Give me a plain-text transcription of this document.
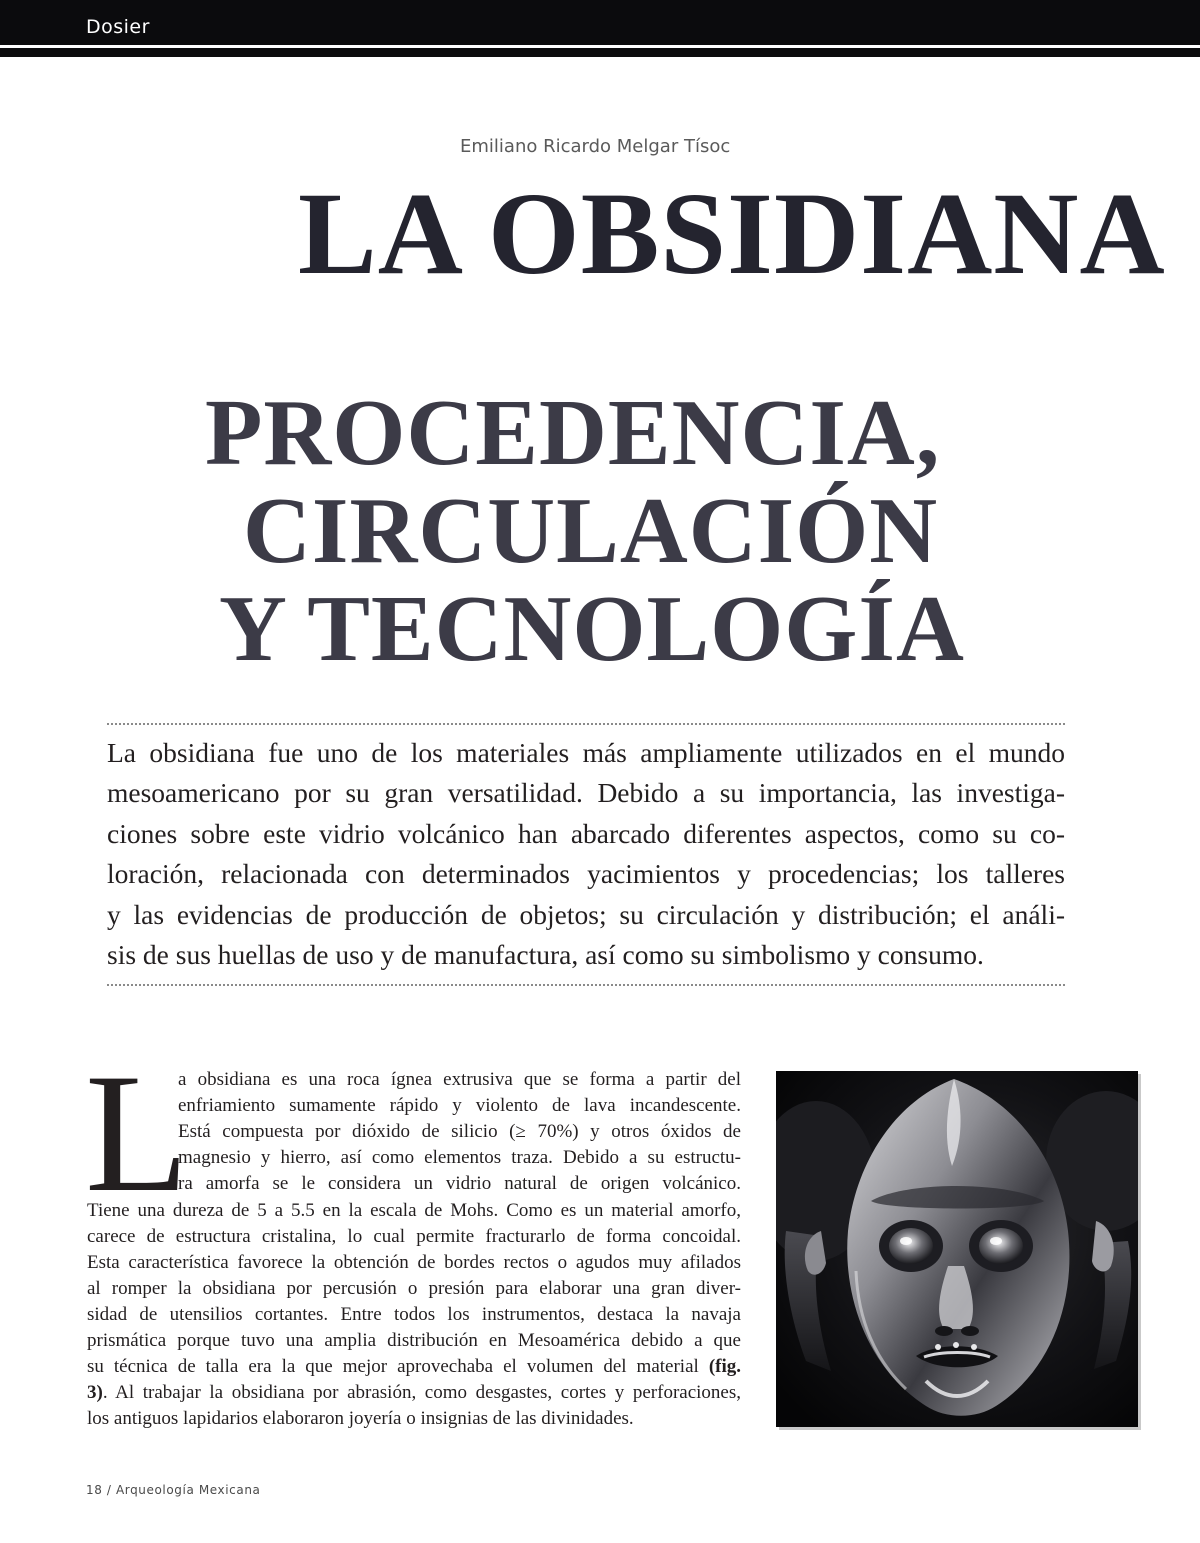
Dosier
Emiliano Ricardo Melgar Tísoc
LA OBSIDIANA
PROCEDENCIA,
CIRCULACIÓN
Y TECNOLOGÍA
La obsidiana fue uno de los materiales más ampliamente utilizados en el mundo
mesoamericano por su gran versatilidad. Debido a su importancia, las investiga-
ciones sobre este vidrio volcánico han abarcado diferentes aspectos, como su co-
loración, relacionada con determinados yacimientos y procedencias; los talleres
y las evidencias de producción de objetos; su circulación y distribución; el análi-
sis de sus huellas de uso y de manufactura, así como su simbolismo y consumo.
L
a obsidiana es una roca ígnea extrusiva que se forma a partir del
enfriamiento sumamente rápido y violento de lava incandescente.
Está compuesta por dióxido de silicio (≥ 70%) y otros óxidos de
magnesio y hierro, así como elementos traza. Debido a su estructu-
ra amorfa se le considera un vidrio natural de origen volcánico.
Tiene una dureza de 5 a 5.5 en la escala de Mohs. Como es un material amorfo,
carece de estructura cristalina, lo cual permite fracturarlo de forma concoidal.
Esta característica favorece la obtención de bordes rectos o agudos muy afilados
al romper la obsidiana por percusión o presión para elaborar una gran diver-
sidad de utensilios cortantes. Entre todos los instrumentos, destaca la navaja
prismática porque tuvo una amplia distribución en Mesoamérica debido a que
su técnica de talla era la que mejor aprovechaba el volumen del material (fig.
3). Al trabajar la obsidiana por abrasión, como desgastes, cortes y perforaciones,
los antiguos lapidarios elaboraron joyería o insignias de las divinidades.
18 / Arqueología Mexicana
